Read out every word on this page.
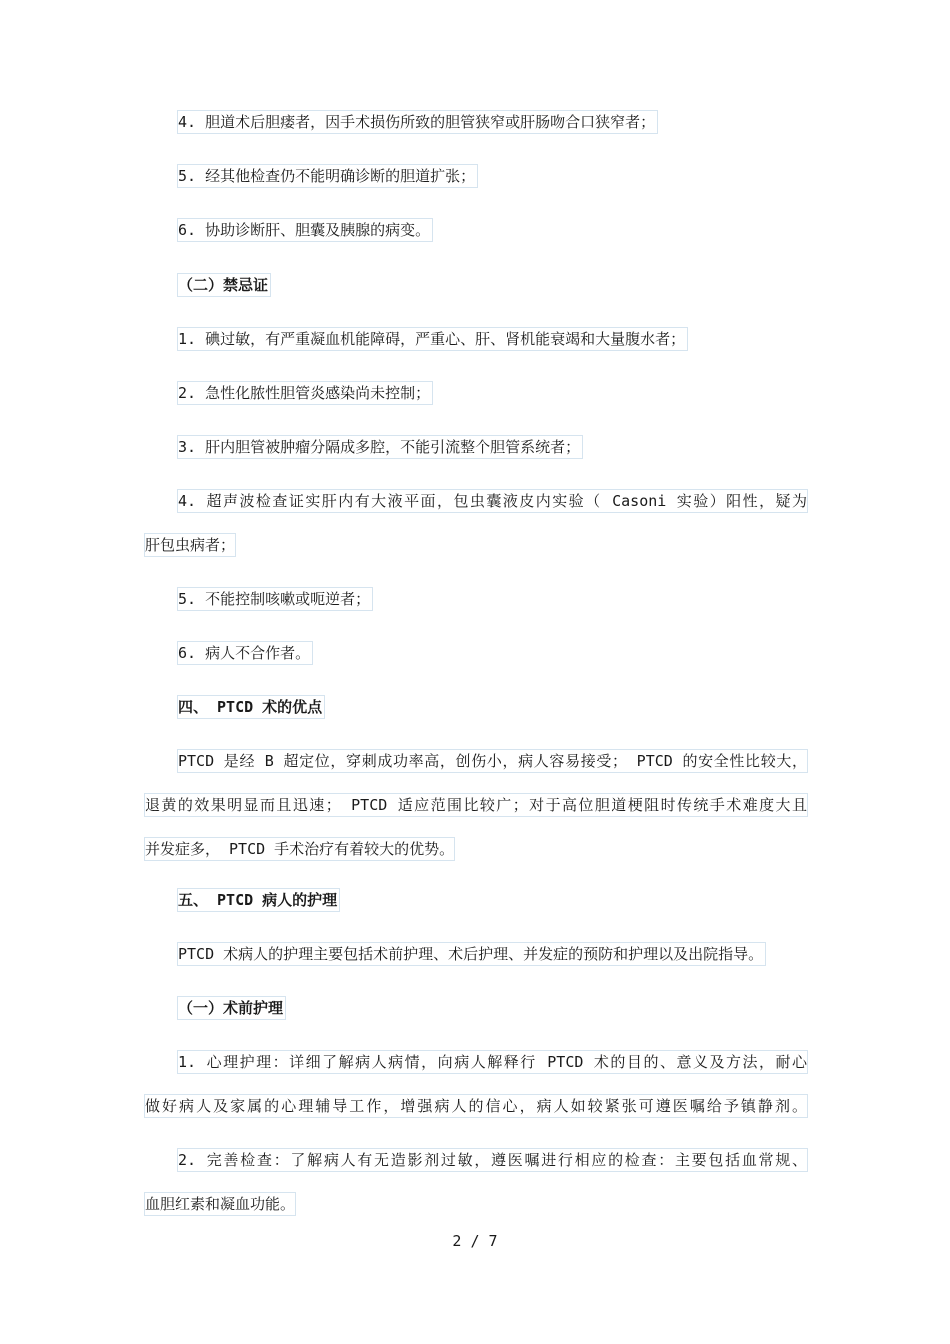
4. 胆道术后胆瘘者，因手术损伤所致的胆管狭窄或肝肠吻合口狭窄者；
5. 经其他检查仍不能明确诊断的胆道扩张；
6. 协助诊断肝、胆囊及胰腺的病变。
（二）禁忌证
1. 碘过敏，有严重凝血机能障碍，严重心、肝、肾机能衰竭和大量腹水者；
2. 急性化脓性胆管炎感染尚未控制；
3. 肝内胆管被肿瘤分隔成多腔，不能引流整个胆管系统者；
4. 超声波检查证实肝内有大液平面，包虫囊液皮内实验（ Casoni 实验）阳性，疑为
肝包虫病者；
5. 不能控制咳嗽或呃逆者；
6. 病人不合作者。
四、 PTCD 术的优点
PTCD 是经 B 超定位，穿刺成功率高，创伤小，病人容易接受； PTCD 的安全性比较大，
退黄的效果明显而且迅速； PTCD 适应范围比较广；对于高位胆道梗阻时传统手术难度大且
并发症多， PTCD 手术治疗有着较大的优势。
五、 PTCD 病人的护理
PTCD 术病人的护理主要包括术前护理、术后护理、并发症的预防和护理以及出院指导。
（一）术前护理
1. 心理护理：详细了解病人病情，向病人解释行 PTCD 术的目的、意义及方法，耐心
做好病人及家属的心理辅导工作，增强病人的信心，病人如较紧张可遵医嘱给予镇静剂。
2. 完善检查：了解病人有无造影剂过敏，遵医嘱进行相应的检查：主要包括血常规、
血胆红素和凝血功能。
2 / 7
